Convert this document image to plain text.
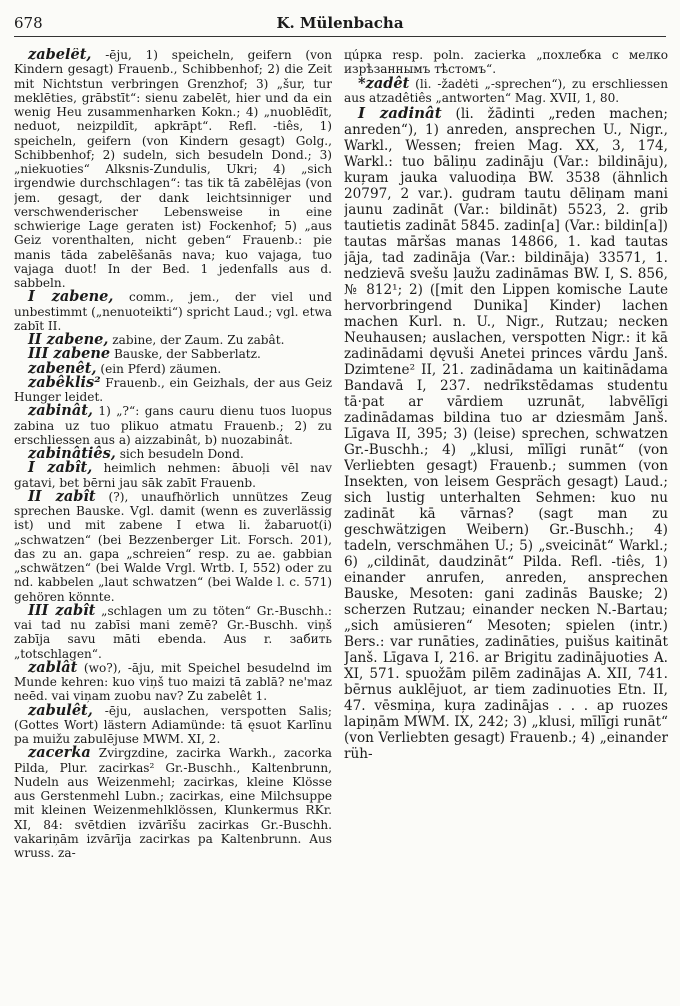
678	K. Mülenbacha

zabelêt, -ēju, 1) speicheln, geifern (von Kindern gesagt) Frauenb., Schibbenhof; 2) die Zeit mit Nichtstun verbringen Grenzhof; 3) „šur, tur meklēties, grābstīt“: sienu zabelēt, hier und da ein wenig Heu zusammenharken Kokn.; 4) „nuoblēdīt, neduot, neizpildīt, apkrāpt“. Refl. -tiês, 1) speicheln, geifern (von Kindern gesagt) Golg., Schibbenhof; 2) sudeln, sich besudeln Dond.; 3) „niekuoties“ Alksnis-Zundulis, Ukri; 4) „sich irgendwie durchschlagen“: tas tik tā zabēlējas (von jem. gesagt, der dank leichtsinniger und verschwenderischer Lebensweise in eine schwierige Lage geraten ist) Fockenhof; 5) „aus Geiz vorenthalten, nicht geben“ Frauenb.: pie manis tāda zabelēšanās nava; kuo vajaga, tuo vajaga duot! In der Bed. 1 jedenfalls aus d. sabbeln.

I zabene, comm., jem., der viel und unbestimmt („nenuoteikti“) spricht Laud.; vgl. etwa zabīt II.

II zabene, zabine, der Zaum. Zu zabât.

III zabene Bauske, der Sabberlatz.

zabenêt, (ein Pferd) zäumen.

zabêklis² Frauenb., ein Geizhals, der aus Geiz Hunger leidet.

zabinât, 1) „?“: gans cauru dienu tuos luopus zabina uz tuo plikuo atmatu Frauenb.; 2) zu erschliessen aus a) aizzabinât, b) nuozabinât.

zabinâtiês, sich besudeln Dond.

I zabît, heimlich nehmen: ābuoļi vēl nav gatavi, bet bērni jau sāk zabīt Frauenb.

II zabît (?), unaufhörlich unnützes Zeug sprechen Bauske. Vgl. damit (wenn es zuverlässig ist) und mit zabene I etwa li. žabaruot(i) „schwatzen“ (bei Bezzenberger Lit. Forsch. 201), das zu an. gapa „schreien“ resp. zu ae. gabbian „schwätzen“ (bei Walde Vrgl. Wrtb. I, 552) oder zu nd. kabbelen „laut schwatzen“ (bei Walde l. c. 571) gehören könnte.

III zabît „schlagen um zu töten“ Gr.-Buschh.: vai tad nu zabīsi mani zemē? Gr.-Buschh. viņš zabīja savu māti ebenda. Aus r. забить „totschlagen“.

zablât (wo?), -āju, mit Speichel besudelnd im Munde kehren: kuo viņš tuo maizi tā zablā? ne'maz neēd. vai viņam zuobu nav? Zu zabelêt 1.

zabulêt, -ēju, auslachen, verspotten Salis; (Gottes Wort) lästern Adiamünde: tā ęsuot Karlīnu pa muižu zabulējuse MWM. XI, 2.

zacerka Zvirgzdine, zacirka Warkh., zacorka Pilda, Plur. zacirkas² Gr.-Buschh., Kaltenbrunn, Nudeln aus Weizenmehl; zacirkas, kleine Klösse aus Gerstenmehl Lubn.; zacirkas, eine Milchsuppe mit kleinen Weizenmehlklössen, Klunkermus RKr. XI, 84: svētdien izvārīšu zacirkas Gr.-Buschh. vakariņām izvārīja zacirkas pa Kaltenbrunn. Aus wruss. za-

цúрка resp. poln. zacierka „похлебка с мелко изрѣзаннымъ тѣстомъ“.

*zadêt (li. -žadėti „-sprechen“), zu erschliessen aus atzadêtiês „antworten“ Mag. XVII, 1, 80.

I zadinât (li. žādinti „reden machen; anreden“), 1) anreden, ansprechen U., Nigr., Warkl., Wessen; freien Mag. XX, 3, 174, Warkl.: tuo bāliņu zadināju (Var.: bildināju), kuŗam jauka valuodiņa BW. 3538 (ähnlich 20797, 2 var.). gudram tautu dēliņam mani jaunu zadināt (Var.: bildināt) 5523, 2. grib tautietis zadināt 5845. zadin[a] (Var.: bildin[a]) tautas māršas manas 14866, 1. kad tautas jāja, tad zadināja (Var.: bildināja) 33571, 1. nedzievā svešu ļaužu zadināmas BW. I, S. 856, № 812¹; 2) ([mit den Lippen komische Laute hervorbringend Dunika] Kinder) lachen machen Kurl. n. U., Nigr., Rutzau; necken Neuhausen; auslachen, verspotten Nigr.: it kā zadinādami dęvuši Anetei princes vārdu Janš. Dzimtene² II, 21. zadinādama un kaitinādama Bandavā I, 237. nedrīkstēdamas studentu tā·pat ar vārdiem uzrunāt, labvēlīgi zadinādamas bildina tuo ar dziesmām Janš. Līgava II, 395; 3) (leise) sprechen, schwatzen Gr.-Buschh.; 4) „klusi, mīlīgi runāt“ (von Verliebten gesagt) Frauenb.; summen (von Insekten, von leisem Gespräch gesagt) Laud.; sich lustig unterhalten Sehmen: kuo nu zadināt kā vārnas? (sagt man zu geschwätzigen Weibern) Gr.-Buschh.; 4) tadeln, verschmähen U.; 5) „sveicināt“ Warkl.; 6) „cildināt, daudzināt“ Pilda. Refl. -tiês, 1) einander anrufen, anreden, ansprechen Bauske, Mesoten: gani zadinās Bauske; 2) scherzen Rutzau; einander necken N.-Bartau; „sich amüsieren“ Mesoten; spielen (intr.) Bers.: var runāties, zadināties, puišus kaitināt Janš. Līgava I, 216. ar Brigitu zadinājuoties A. XI, 571. spuožām pilēm zadinājas A. XII, 741. bērnus auklējuot, ar tiem zadinuoties Etn. II, 47. vēsmiņa, kuŗa zadinājas . . . ap ruozes lapiņām MWM. IX, 242; 3) „klusi, mīlīgi runāt“ (von Verliebten gesagt) Frauenb.; 4) „einander rüh-
